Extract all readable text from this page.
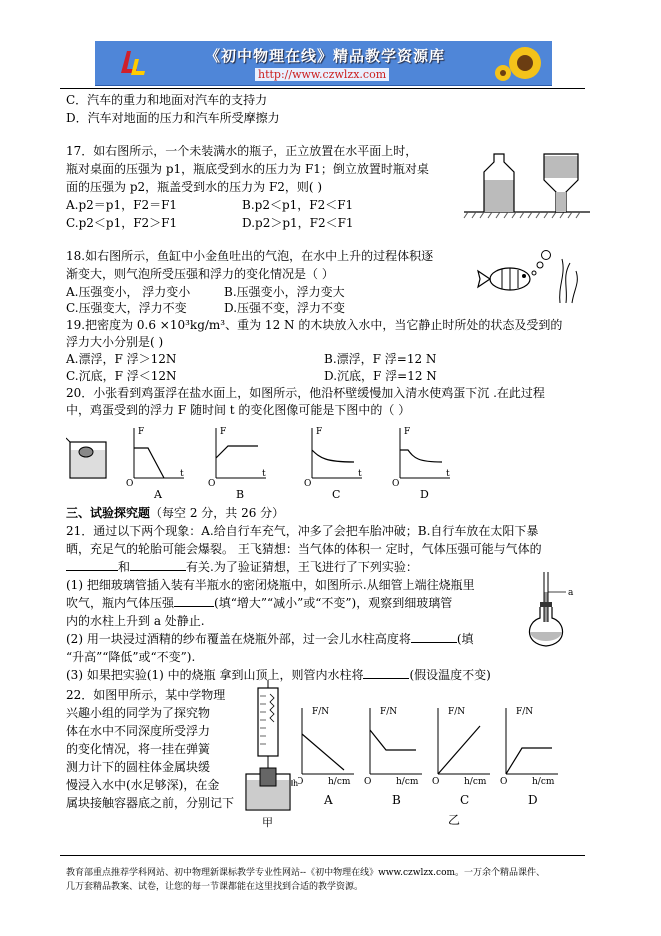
《初中物理在线》精品教学资源库
http://www.czwlzx.com
C．汽车的重力和地面对汽车的支持力
D．汽车对地面的压力和汽车所受摩擦力
17．如右图所示，一个未装满水的瓶子，正立放置在水平面上时，
瓶对桌面的压强为 p1，瓶底受到水的压力为 F1；倒立放置时瓶对桌
面的压强为 p2，瓶盖受到水的压力为 F2，则( )
A.p2＝p1，F2＝F1	B.p2＜p1，F2＜F1
C.p2＜p1，F2＞F1	D.p2＞p1，F2＜F1
18.如右图所示，鱼缸中小金鱼吐出的气泡，在水中上升的过程体积逐
渐变大，则气泡所受压强和浮力的变化情况是（ ）
A.压强变小， 浮力变小	B.压强变小，浮力变大
C.压强变大，浮力不变	D.压强不变，浮力不变
19.把密度为 0.6 ×10³kg/m³、重为 12 N 的木块放入水中，当它静止时所处的状态及受到的
浮力大小分别是( )
A.漂浮，F 浮＞12N	B.漂浮，F 浮=12 N
C.沉底，F 浮＜12N	D.沉底，F 浮=12 N
20．小张看到鸡蛋浮在盐水面上，如图所示，他沿杯壁缓慢加入清水使鸡蛋下沉 .在此过程
中，鸡蛋受到的浮力 F 随时间 t 的变化图像可能是下图中的（ ）
F
t
O
A
F
t
O
B
F
t
O
C
F
t
O
D
三、试验探究题（每空 2 分，共 26 分）
21．通过以下两个现象：A.给自行车充气，冲多了会把车胎冲破；B.自行车放在太阳下暴
晒，充足气的轮胎可能会爆裂。 王飞猜想：当气体的体积一 定时，气体压强可能与气体的
和	有关.为了验证猜想，王飞进行了下列实验：
(1) 把细玻璃管插入装有半瓶水的密闭烧瓶中，如图所示.从细管上端往烧瓶里
吹气，瓶内气体压强	(填“增大”“减小”或“不变”)，观察到细玻璃管
内的水柱上升到 a 处静止.
(2) 用一块浸过酒精的纱布覆盖在烧瓶外部，过一会儿水柱高度将	(填
“升高”“降低”或“不变”).
(3) 如果把实验(1) 中的烧瓶 拿到山顶上，则管内水柱将	(假设温度不变)
a
22．如图甲所示，某中学物理
兴趣小组的同学为了探究物
体在水中不同深度所受浮力
的变化情况，将一挂在弹簧
测力计下的圆柱体金属块缓
慢浸入水中(水足够深)，在金
属块接触容器底之前，分别记下
h
甲
F/N
h/cm
O
A
F/N
h/cm
O
B
F/N
h/cm
O
C
F/N
h/cm
O
D
乙
教育部重点推荐学科网站、初中物理新课标教学专业性网站--《初中物理在线》www.czwlzx.com。一万余个精品课件、
几万套精品教案、试卷，让您的每一节课都能在这里找到合适的教学资源。
